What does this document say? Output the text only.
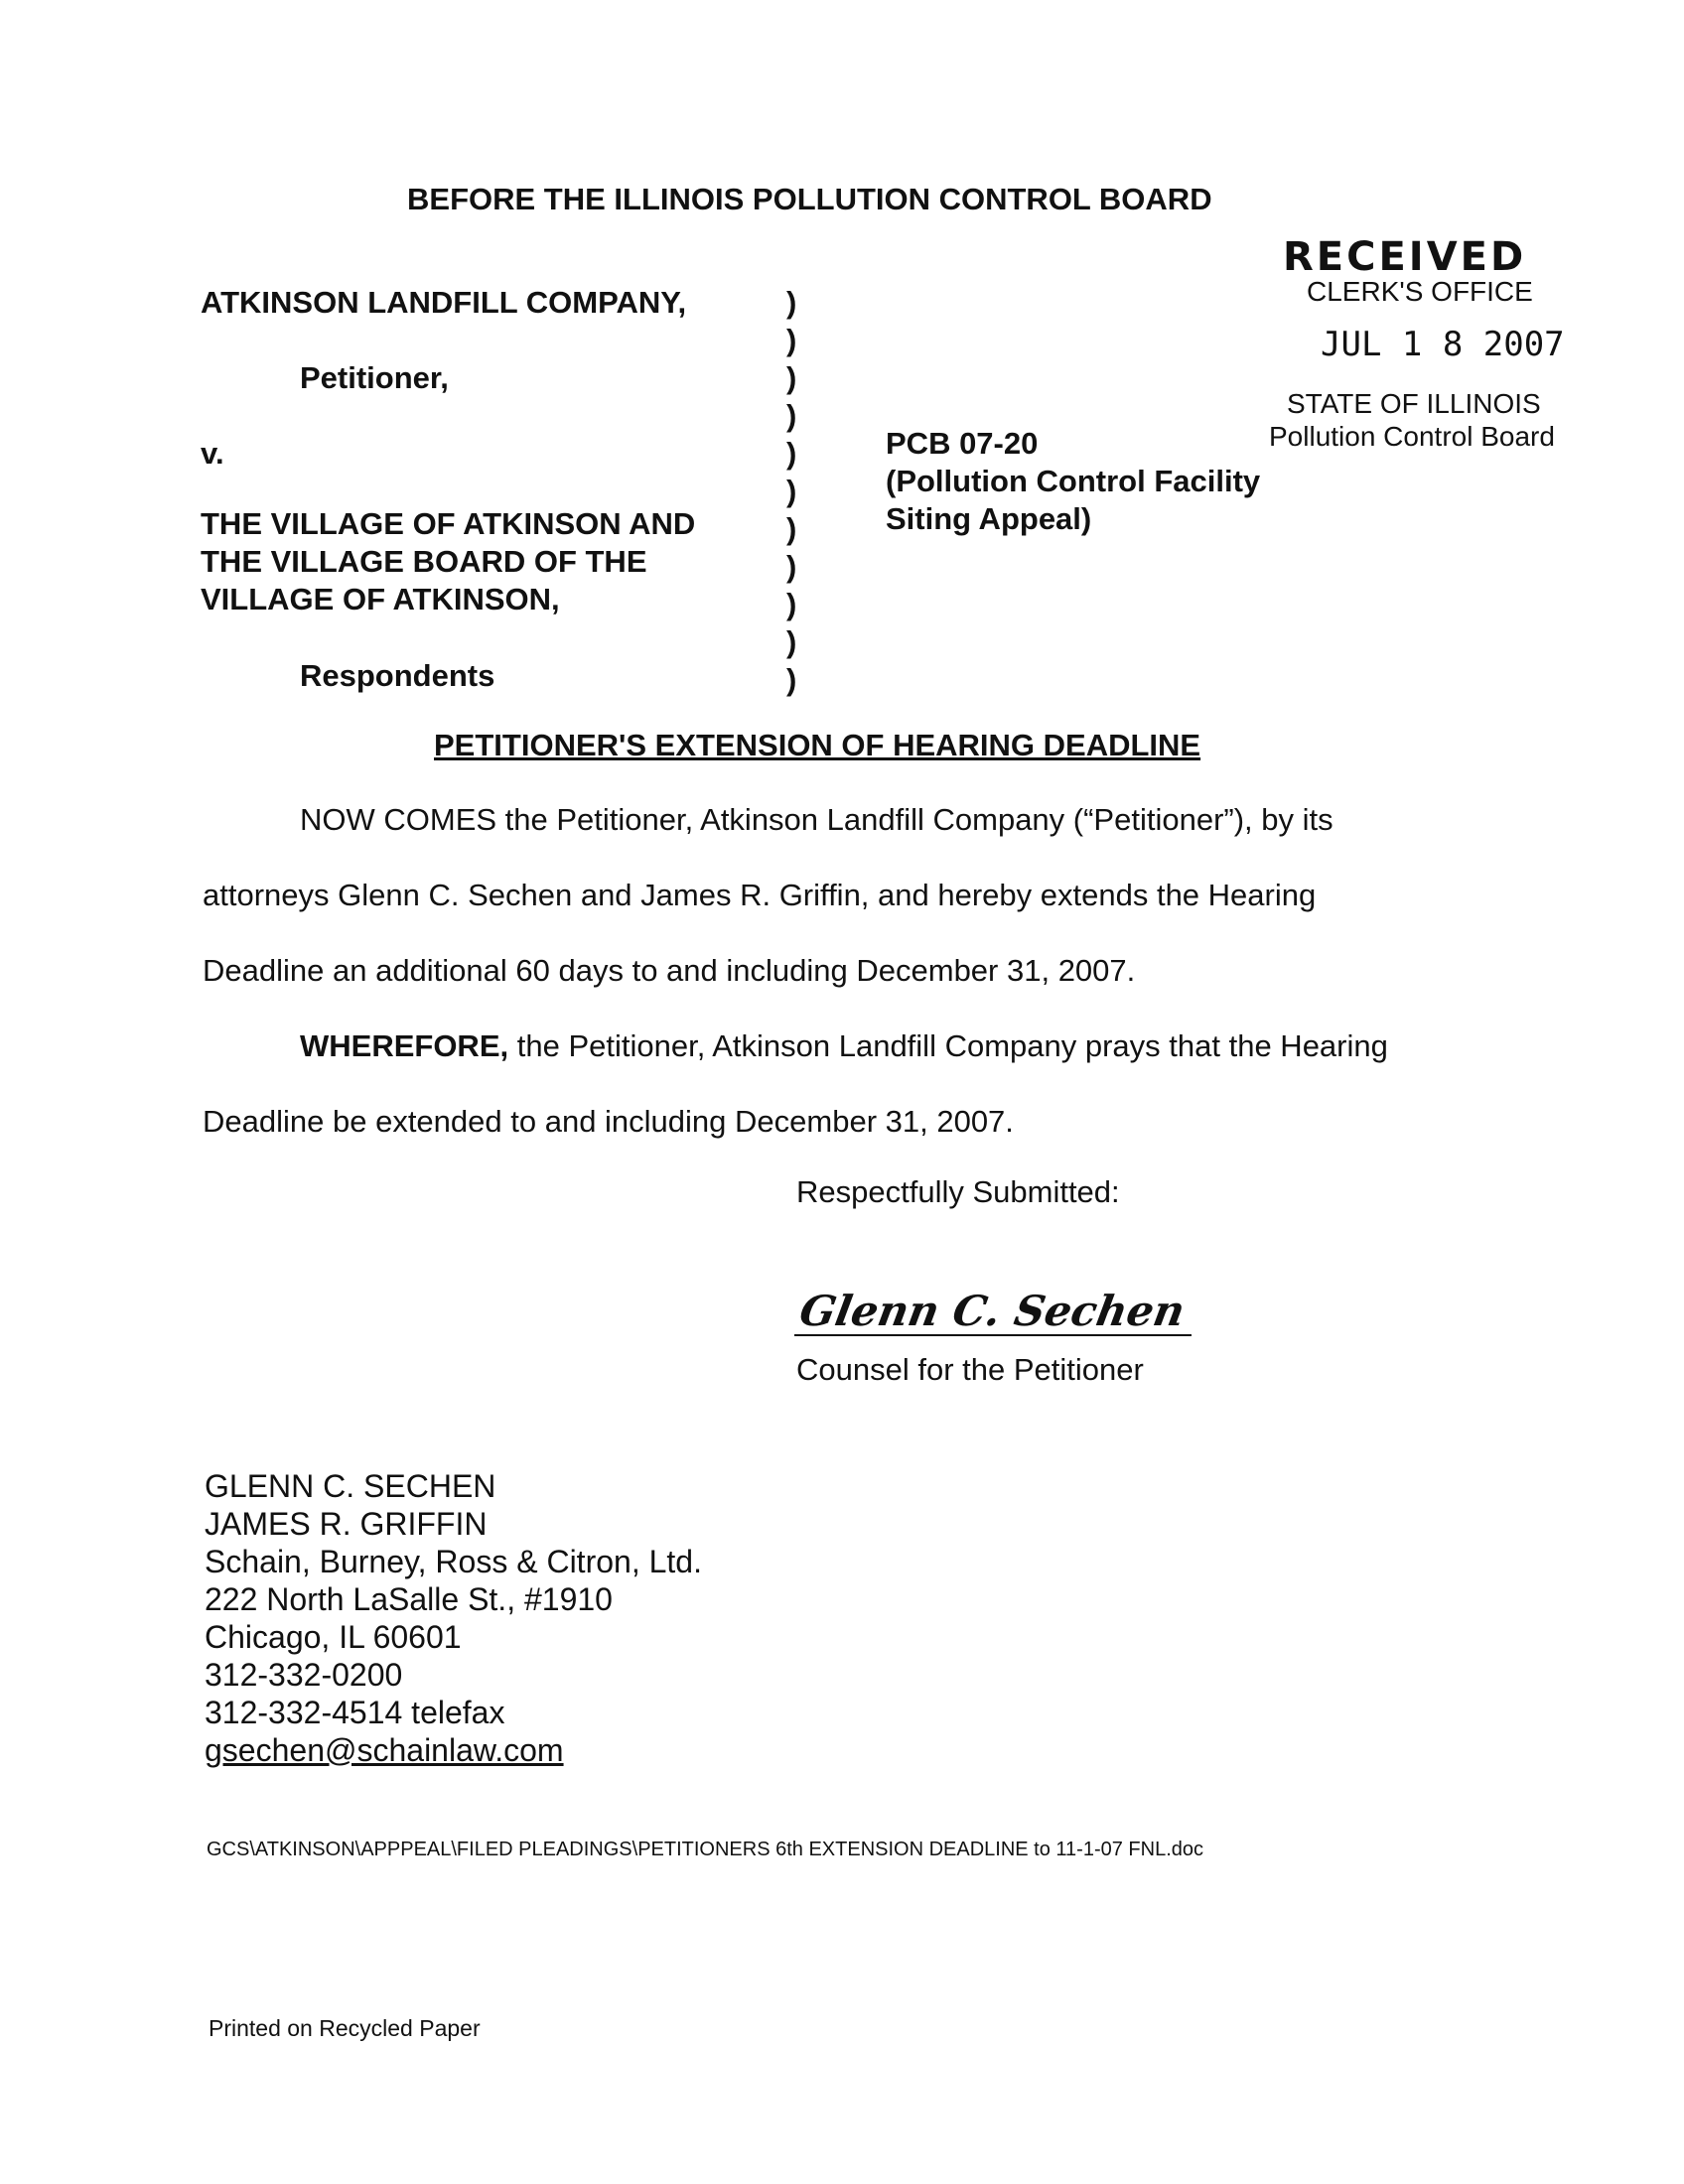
BEFORE THE ILLINOIS POLLUTION CONTROL BOARD
RECEIVED
CLERK'S OFFICE
JUL 1 8 2007
STATE OF ILLINOIS
Pollution Control Board
ATKINSON LANDFILL COMPANY,
Petitioner,
v.
THE VILLAGE OF ATKINSON AND
THE VILLAGE BOARD OF THE
VILLAGE OF ATKINSON,
Respondents
)
)
)
)
)
)
)
)
)
)
)
PCB 07-20
(Pollution Control Facility
Siting Appeal)
PETITIONER'S EXTENSION OF HEARING DEADLINE
NOW COMES the Petitioner, Atkinson Landfill Company (“Petitioner”), by its
attorneys Glenn C. Sechen and James R. Griffin, and hereby extends the Hearing
Deadline an additional 60 days to and including December 31, 2007.
WHEREFORE, the Petitioner, Atkinson Landfill Company prays that the Hearing
Deadline be extended to and including December 31, 2007.
Respectfully Submitted:
Glenn C. Sechen
Counsel for the Petitioner
GLENN C. SECHEN
JAMES R. GRIFFIN
Schain, Burney, Ross & Citron, Ltd.
222 North LaSalle St., #1910
Chicago, IL 60601
312-332-0200
312-332-4514 telefax
gsechen@schainlaw.com
GCS\ATKINSON\APPPEAL\FILED PLEADINGS\PETITIONERS 6th EXTENSION DEADLINE to 11-1-07 FNL.doc
Printed on Recycled Paper
